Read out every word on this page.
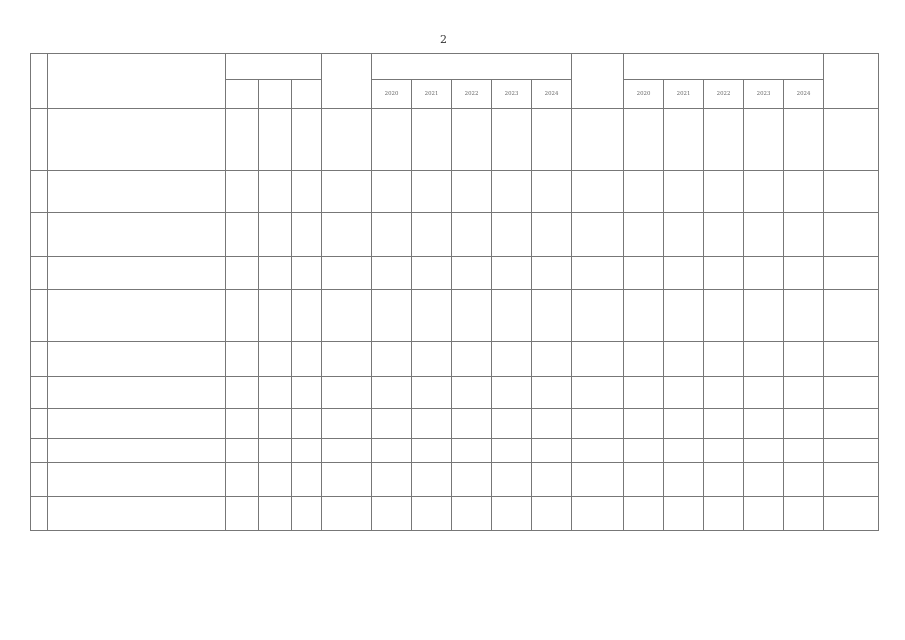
2

						2020	2021	2022	2023	2024		2020	2021	2022	2023	2024	
